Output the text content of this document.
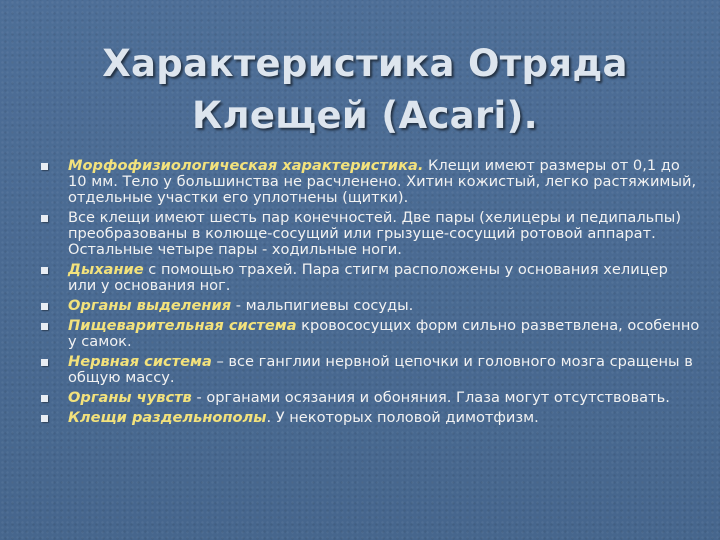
Характеристика Отряда
Клещей (Acari).
Морфофизиологическая характеристика. Клещи имеют размеры от 0,1 до 10 мм. Тело у большинства не расчленено. Хитин кожистый, легко растяжимый, отдельные участки его уплотнены (щитки).
Все клещи имеют шесть пар конечностей. Две пары (хелицеры и педипальпы) преобразованы в колюще-сосущий или грызуще-сосущий ротовой аппарат. Остальные четыре пары - ходильные ноги.
Дыхание с помощью трахей. Пара стигм расположены у основания хелицер или у основания ног.
Органы выделения - мальпигиевы сосуды.
Пищеварительная система кровососущих форм сильно разветвлена, особенно у самок.
Нервная система – все ганглии нервной цепочки и головного мозга сращены в общую массу.
Органы чувств - органами осязания и обоняния. Глаза могут отсутствовать.
Клещи раздельнополы. У некоторых половой димотфизм.
